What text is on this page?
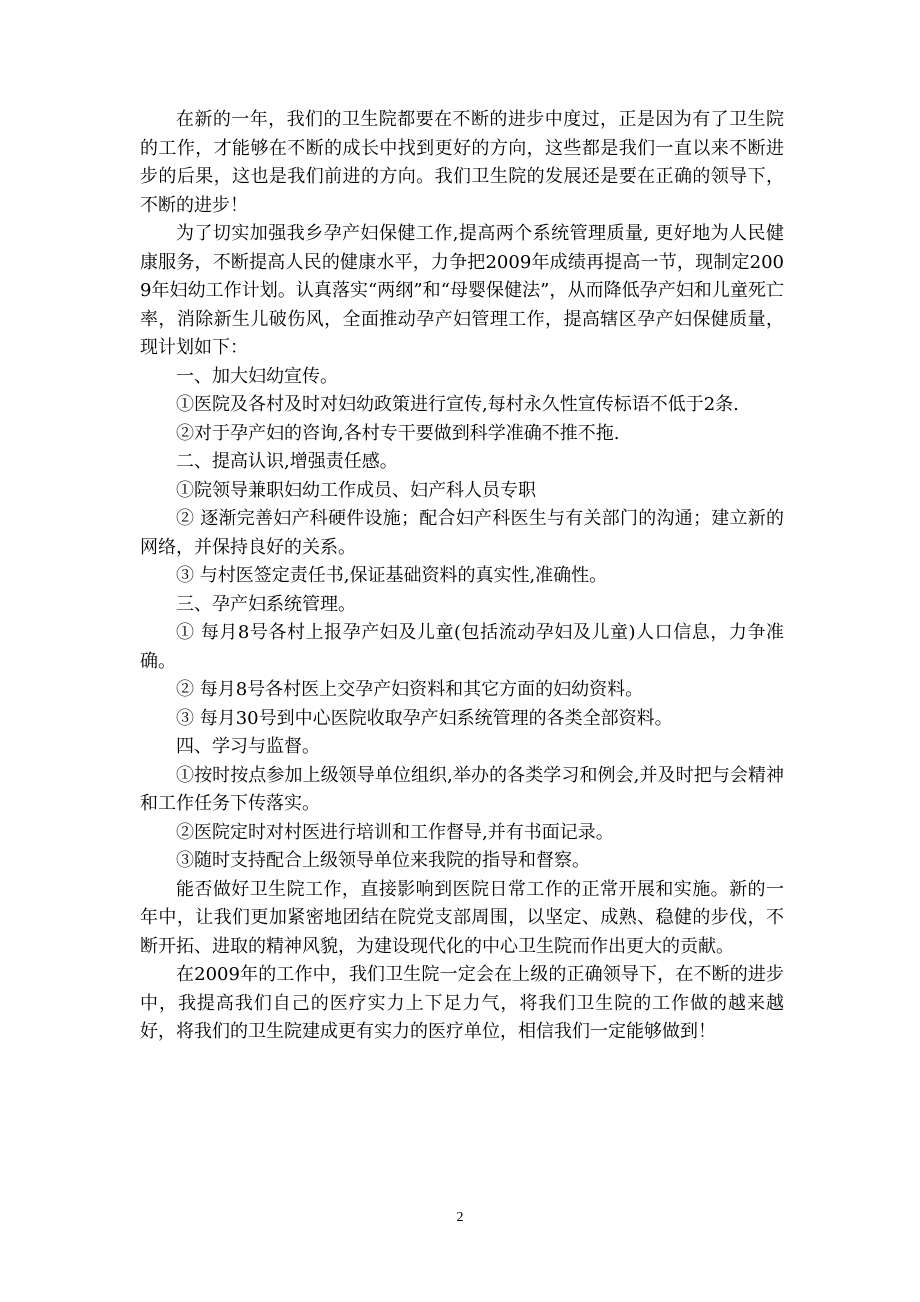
在新的一年，我们的卫生院都要在不断的进步中度过，正是因为有了卫生院的工作，才能够在不断的成长中找到更好的方向，这些都是我们一直以来不断进步的后果，这也是我们前进的方向。我们卫生院的发展还是要在正确的领导下，不断的进步！

为了切实加强我乡孕产妇保健工作,提高两个系统管理质量, 更好地为人民健康服务，不断提高人民的健康水平，力争把2009年成绩再提高一节，现制定2009年妇幼工作计划。认真落实“两纲”和“母婴保健法”，从而降低孕产妇和儿童死亡率，消除新生儿破伤风，全面推动孕产妇管理工作，提高辖区孕产妇保健质量，现计划如下：

一、加大妇幼宣传。

①医院及各村及时对妇幼政策进行宣传,每村永久性宣传标语不低于2条.

②对于孕产妇的咨询,各村专干要做到科学准确不推不拖.

二、提高认识,增强责任感。

①院领导兼职妇幼工作成员、妇产科人员专职

② 逐渐完善妇产科硬件设施；配合妇产科医生与有关部门的沟通；建立新的网络，并保持良好的关系。

③ 与村医签定责任书,保证基础资料的真实性,准确性。

三、孕产妇系统管理。

① 每月8号各村上报孕产妇及儿童(包括流动孕妇及儿童)人口信息，力争准确。

② 每月8号各村医上交孕产妇资料和其它方面的妇幼资料。

③ 每月30号到中心医院收取孕产妇系统管理的各类全部资料。

四、学习与监督。

①按时按点参加上级领导单位组织,举办的各类学习和例会,并及时把与会精神和工作任务下传落实。

②医院定时对村医进行培训和工作督导,并有书面记录。

③随时支持配合上级领导单位来我院的指导和督察。

能否做好卫生院工作，直接影响到医院日常工作的正常开展和实施。新的一年中，让我们更加紧密地团结在院党支部周围，以坚定、成熟、稳健的步伐，不断开拓、进取的精神风貌，为建设现代化的中心卫生院而作出更大的贡献。

在2009年的工作中，我们卫生院一定会在上级的正确领导下，在不断的进步中，我提高我们自己的医疗实力上下足力气，将我们卫生院的工作做的越来越好，将我们的卫生院建成更有实力的医疗单位，相信我们一定能够做到！

2
